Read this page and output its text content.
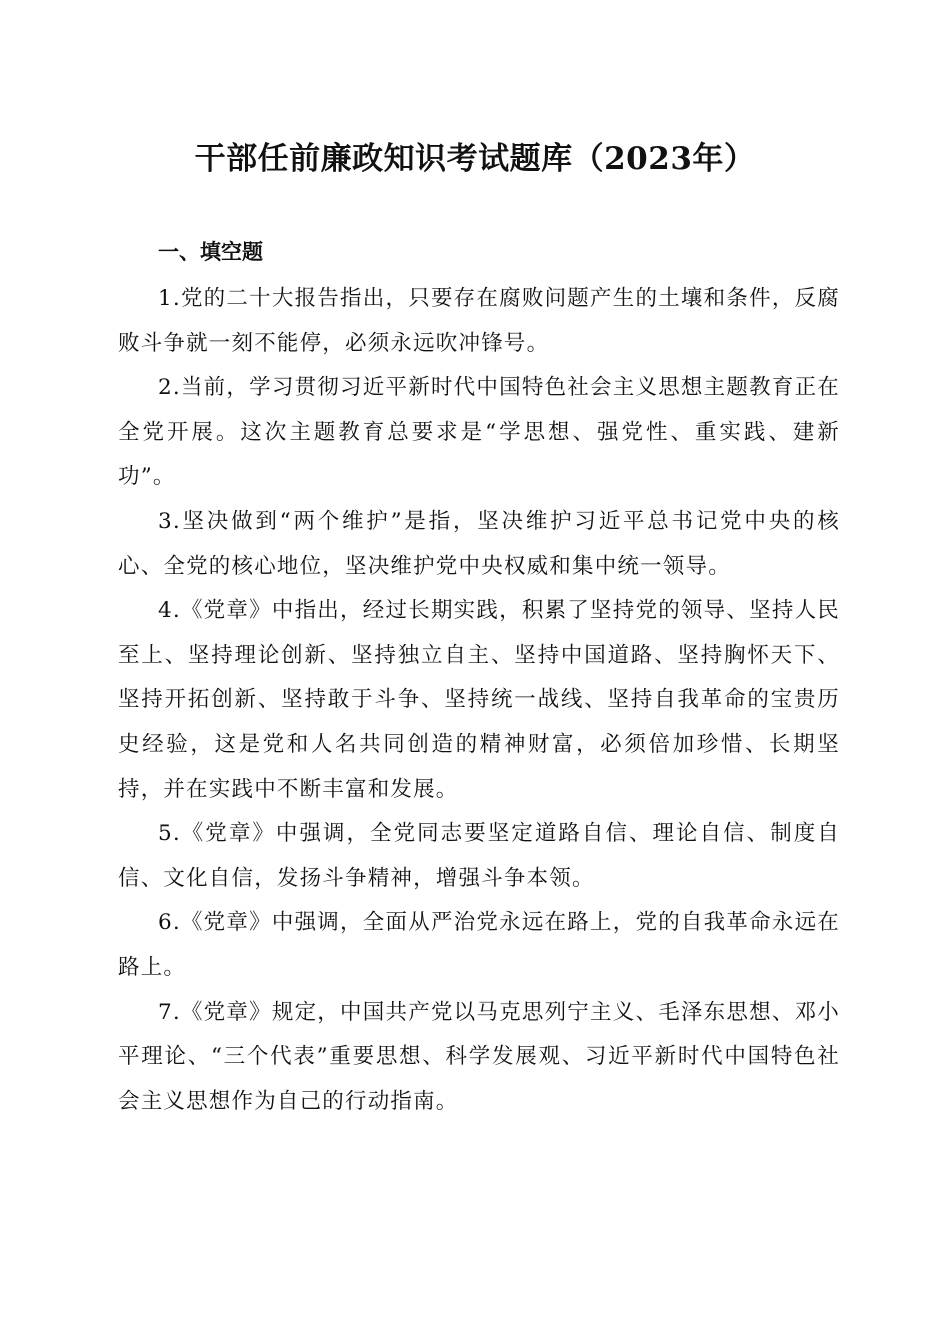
干部任前廉政知识考试题库（2023年）
一、填空题

1.党的二十大报告指出，只要存在腐败问题产生的土壤和条件，反腐败斗争就一刻不能停，必须永远吹冲锋号。

2.当前，学习贯彻习近平新时代中国特色社会主义思想主题教育正在全党开展。这次主题教育总要求是“学思想、强党性、重实践、建新功”。

3.坚决做到“两个维护”是指，坚决维护习近平总书记党中央的核心、全党的核心地位，坚决维护党中央权威和集中统一领导。

4.《党章》中指出，经过长期实践，积累了坚持党的领导、坚持人民至上、坚持理论创新、坚持独立自主、坚持中国道路、坚持胸怀天下、坚持开拓创新、坚持敢于斗争、坚持统一战线、坚持自我革命的宝贵历史经验，这是党和人名共同创造的精神财富，必须倍加珍惜、长期坚持，并在实践中不断丰富和发展。

5.《党章》中强调，全党同志要坚定道路自信、理论自信、制度自信、文化自信，发扬斗争精神，增强斗争本领。

6.《党章》中强调，全面从严治党永远在路上，党的自我革命永远在路上。

7.《党章》规定，中国共产党以马克思列宁主义、毛泽东思想、邓小平理论、“三个代表”重要思想、科学发展观、习近平新时代中国特色社会主义思想作为自己的行动指南。
